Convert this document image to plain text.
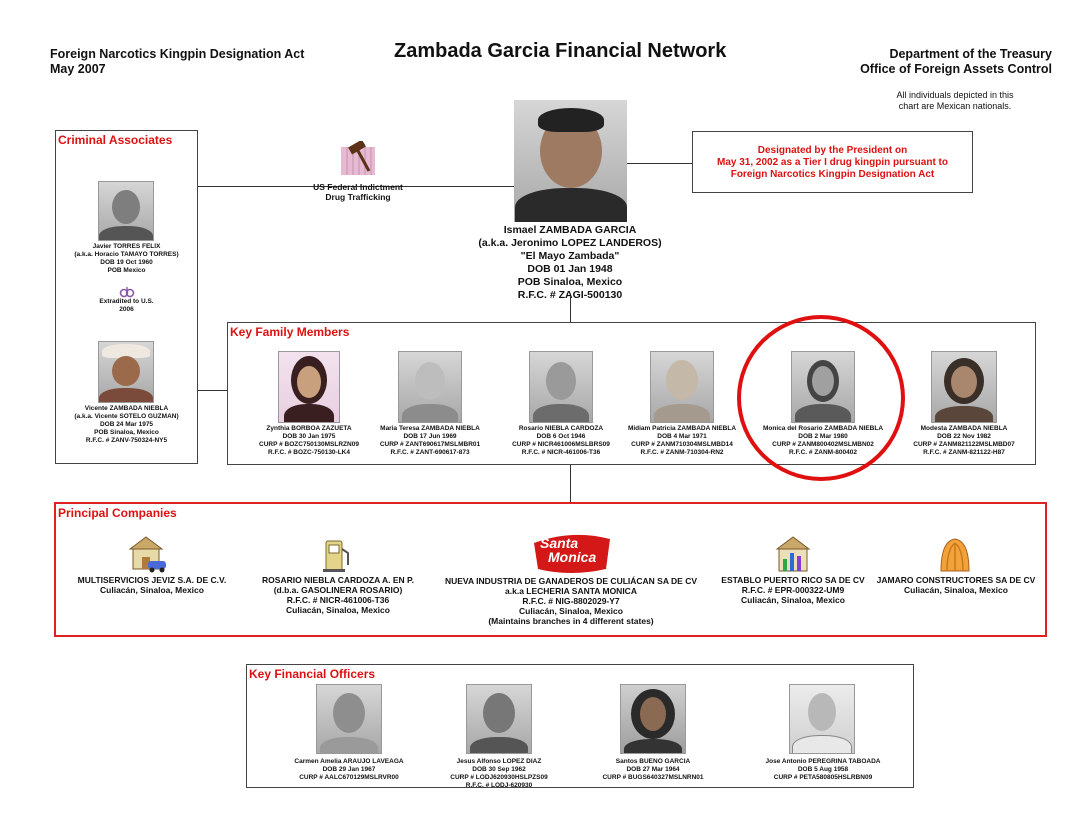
Foreign Narcotics Kingpin Designation Act
May 2007
Zambada Garcia Financial Network	Department of the Treasury
Office of Foreign Assets Control
All individuals depicted in this
chart are Mexican nationals.
US Federal Indictment
Drug Trafficking
Designated by the President on
May 31, 2002 as a Tier I drug kingpin pursuant to
Foreign Narcotics Kingpin Designation Act
Ismael ZAMBADA GARCIA
(a.k.a. Jeronimo LOPEZ LANDEROS)
"El Mayo Zambada"
DOB 01 Jan 1948
POB Sinaloa, Mexico
R.F.C. # ZAGI-500130
Criminal Associates
Javier TORRES FELIX
(a.k.a. Horacio TAMAYO TORRES)
DOB 19 Oct 1960
POB Mexico
Extradited to U.S.
2006
Vicente ZAMBADA NIEBLA
(a.k.a. Vicente SOTELO GUZMAN)
DOB 24 Mar 1975
POB Sinaloa, Mexico
R.F.C. # ZANV-750324-NY5
Key Family Members
Zynthia BORBOA ZAZUETA
DOB 30 Jan 1975
CURP # BOZC750130MSLRZN09
R.F.C. # BOZC-750130-LK4
Maria Teresa ZAMBADA NIEBLA
DOB 17 Jun 1969
CURP # ZANT690617MSLMBR01
R.F.C. # ZANT-690617-873
Rosario NIEBLA CARDOZA
DOB 6 Oct 1946
CURP # NICR461006MSLBRS09
R.F.C. # NICR-461006-T36
Midiam Patricia ZAMBADA NIEBLA
DOB 4 Mar 1971
CURP # ZANM710304MSLMBD14
R.F.C. # ZANM-710304-RN2
Monica del Rosario ZAMBADA NIEBLA
DOB 2 Mar 1980
CURP # ZANM800402MSLMBN02
R.F.C. # ZANM-800402
Modesta ZAMBADA NIEBLA
DOB 22 Nov 1982
CURP # ZANM821122MSLMBD07
R.F.C. # ZANM-821122-H87
Principal Companies
MULTISERVICIOS JEVIZ S.A. DE C.V.
Culiacán, Sinaloa, Mexico
ROSARIO NIEBLA CARDOZA A. EN P.
(d.b.a. GASOLINERA ROSARIO)
R.F.C. # NICR-461006-T36
Culiacán, Sinaloa, Mexico
Santa
Monica
NUEVA INDUSTRIA DE GANADEROS DE CULIÁCAN SA DE CV
a.k.a LECHERIA SANTA MONICA
R.F.C. # NIG-8802029-Y7
Culiacán, Sinaloa, Mexico
(Maintains branches in 4 different states)
ESTABLO PUERTO RICO SA DE CV
R.F.C. # EPR-000322-UM9
Culiacán, Sinaloa, Mexico
JAMARO CONSTRUCTORES SA DE CV
Culiacán, Sinaloa, Mexico
Key Financial Officers
Carmen Amelia ARAUJO LAVEAGA
DOB 29 Jan 1967
CURP # AALC670129MSLRVR00
Jesus Alfonso LOPEZ DIAZ
DOB 30 Sep 1962
CURP # LODJ620930HSLPZS09
R.F.C. # LODJ-620930
Santos BUENO GARCIA
DOB 27 Mar 1964
CURP # BUGS640327MSLNRN01
Jose Antonio PEREGRINA TABOADA
DOB 5 Aug 1958
CURP # PETA580805HSLRBN09
